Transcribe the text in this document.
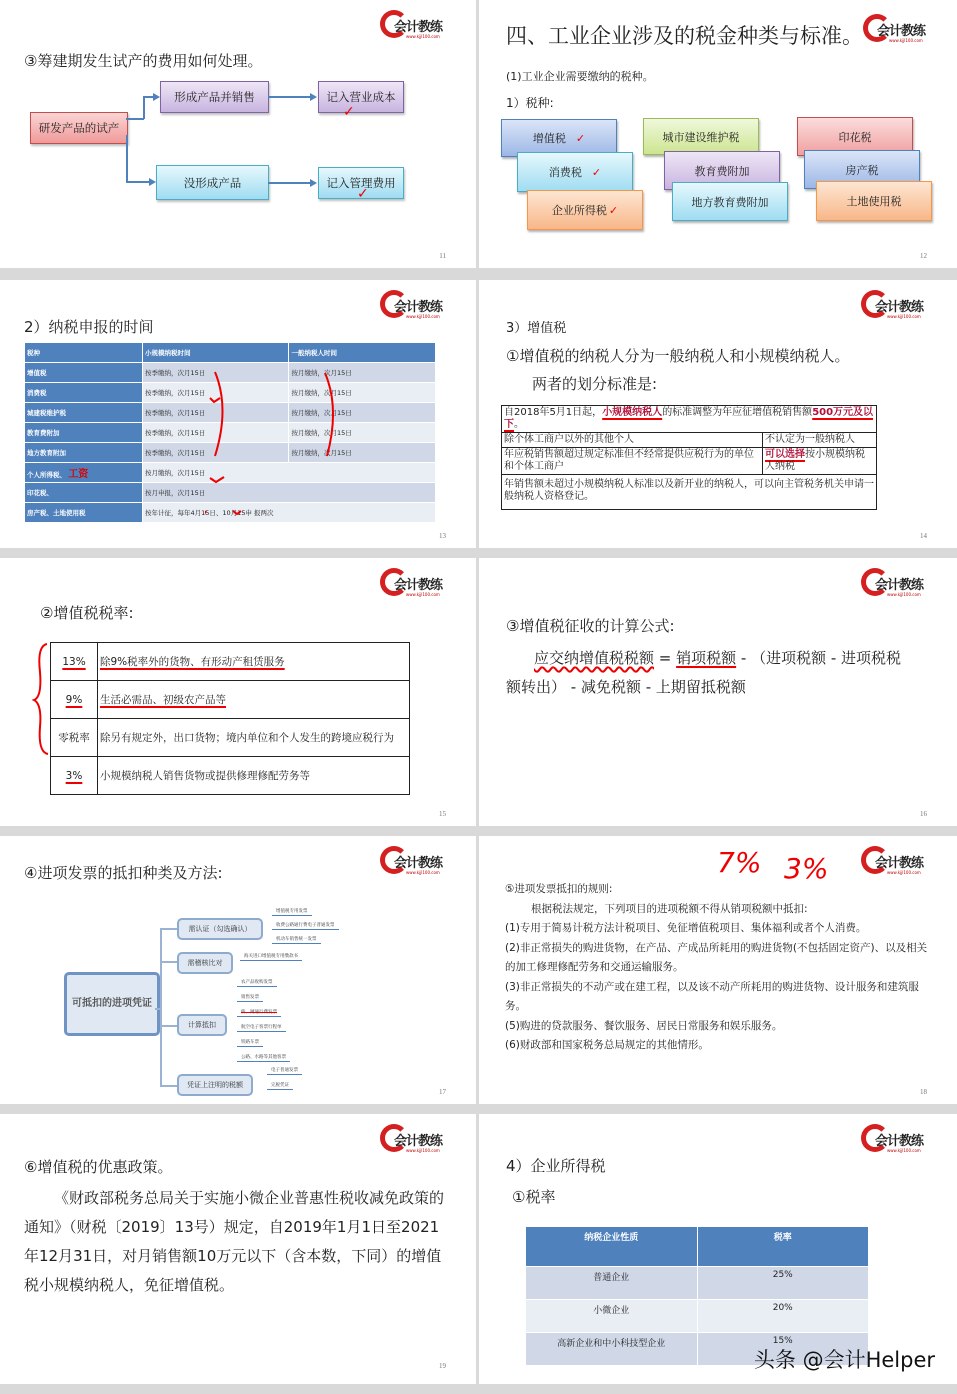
会计教练
www.kjjl100.com
③筹建期发生试产的费用如何处理。
研发产品的试产
形成产品并销售
没形成产品
记入营业成本
记入管理费用
✓
✓
11
会计教练
www.kjjl100.com
四、工业企业涉及的税金种类与标准。
(1)工业企业需要缴纳的税种。
1）税种:
增值税 ✓
消费税 ✓
企业所得税 ✓
城市建设维护税
教育费附加
地方教育费附加
印花税
房产税
土地使用税
12
会计教练
www.kjjl100.com
2）纳税申报的时间
税种	小规模纳税时间	一般纳税人时间
增值税	按季缴纳，次月15日	按月缴纳，次月15日
消费税	按季缴纳，次月15日	按月缴纳，次月15日
城建税维护税	按季缴纳，次月15日	按月缴纳，次月15日
教育费附加	按季缴纳，次月15日	按月缴纳，次月15日
地方教育附加	按季缴纳，次月15日	按月缴纳，次月15日
个人所得税、 工资	按月缴纳，次月15日	
印花税、	按月申报，次月15日	
房产税、土地使用税	按年计征，每年4月15日、10月15申 报两次	
13
会计教练
www.kjjl100.com
3）增值税
①增值税的纳税人分为一般纳税人和小规模纳税人。
两者的划分标准是:
自2018年5月1日起，小规模纳税人的标准调整为年应征增值税销售额500万元及以下。	
除个体工商户以外的其他个人	不认定为一般纳税人
年应税销售额超过规定标准但不经常提供应税行为的单位和个体工商户	可以选择按小规模纳税人纳税
年销售额未超过小规模纳税人标准以及新开业的纳税人，可以向主管税务机关申请一般纳税人资格登记。	
14
会计教练
www.kjjl100.com
②增值税税率:
13%	除9%税率外的货物、有形动产租赁服务
9%	生活必需品、初级农产品等
零税率	除另有规定外，出口货物；境内单位和个人发生的跨境应税行为
3%	小规模纳税人销售货物或提供修理修配劳务等
15
会计教练
www.kjjl100.com
③增值税征收的计算公式:
应交纳增值税税额 = 销项税额 - （进项税额 - 进项税税
额转出） - 减免税额 - 上期留抵税额
16
会计教练
www.kjjl100.com
④进项发票的抵扣种类及方法:
可抵扣的进项凭证
需认证（勾选确认）
需稽核比对
计算抵扣
凭证上注明的税额
增值税专用发票
收费公路通行费电子普通发票
机动车销售统一发票
海关进口增值税专用缴款书
农产品收购发票
销售发票
桥、闸通行费发票
航空电子客票行程单
铁路车票
公路、水路等其他客票
电子普通发票
完税凭证
17
会计教练
www.kjjl100.com
7% 3%
⑤进项发票抵扣的规则:
根据税法规定，下列项目的进项税额不得从销项税额中抵扣:
(1)专用于简易计税方法计税项目、免征增值税项目、集体福利或者个人消费。
(2)非正常损失的购进货物，在产品、产成品所耗用的购进货物(不包括固定资产)、以及相关的加工修理修配劳务和交通运输服务。
(3)非正常损失的不动产或在建工程，以及该不动产所耗用的购进货物、设计服务和建筑服务。
(5)购进的贷款服务、餐饮服务、居民日常服务和娱乐服务。
(6)财政部和国家税务总局规定的其他情形。
18
会计教练
www.kjjl100.com
⑥增值税的优惠政策。
《财政部税务总局关于实施小微企业普惠性税收减免政策的通知》（财税〔2019〕13号）规定，自2019年1月1日至2021年12月31日，对月销售额10万元以下（含本数，下同）的增值税小规模纳税人，免征增值税。
19
会计教练
www.kjjl100.com
4）企业所得税
①税率
纳税企业性质	税率
普通企业	25%
小微企业	20%
高新企业和中小科技型企业	15%
头条 @会计Helper
